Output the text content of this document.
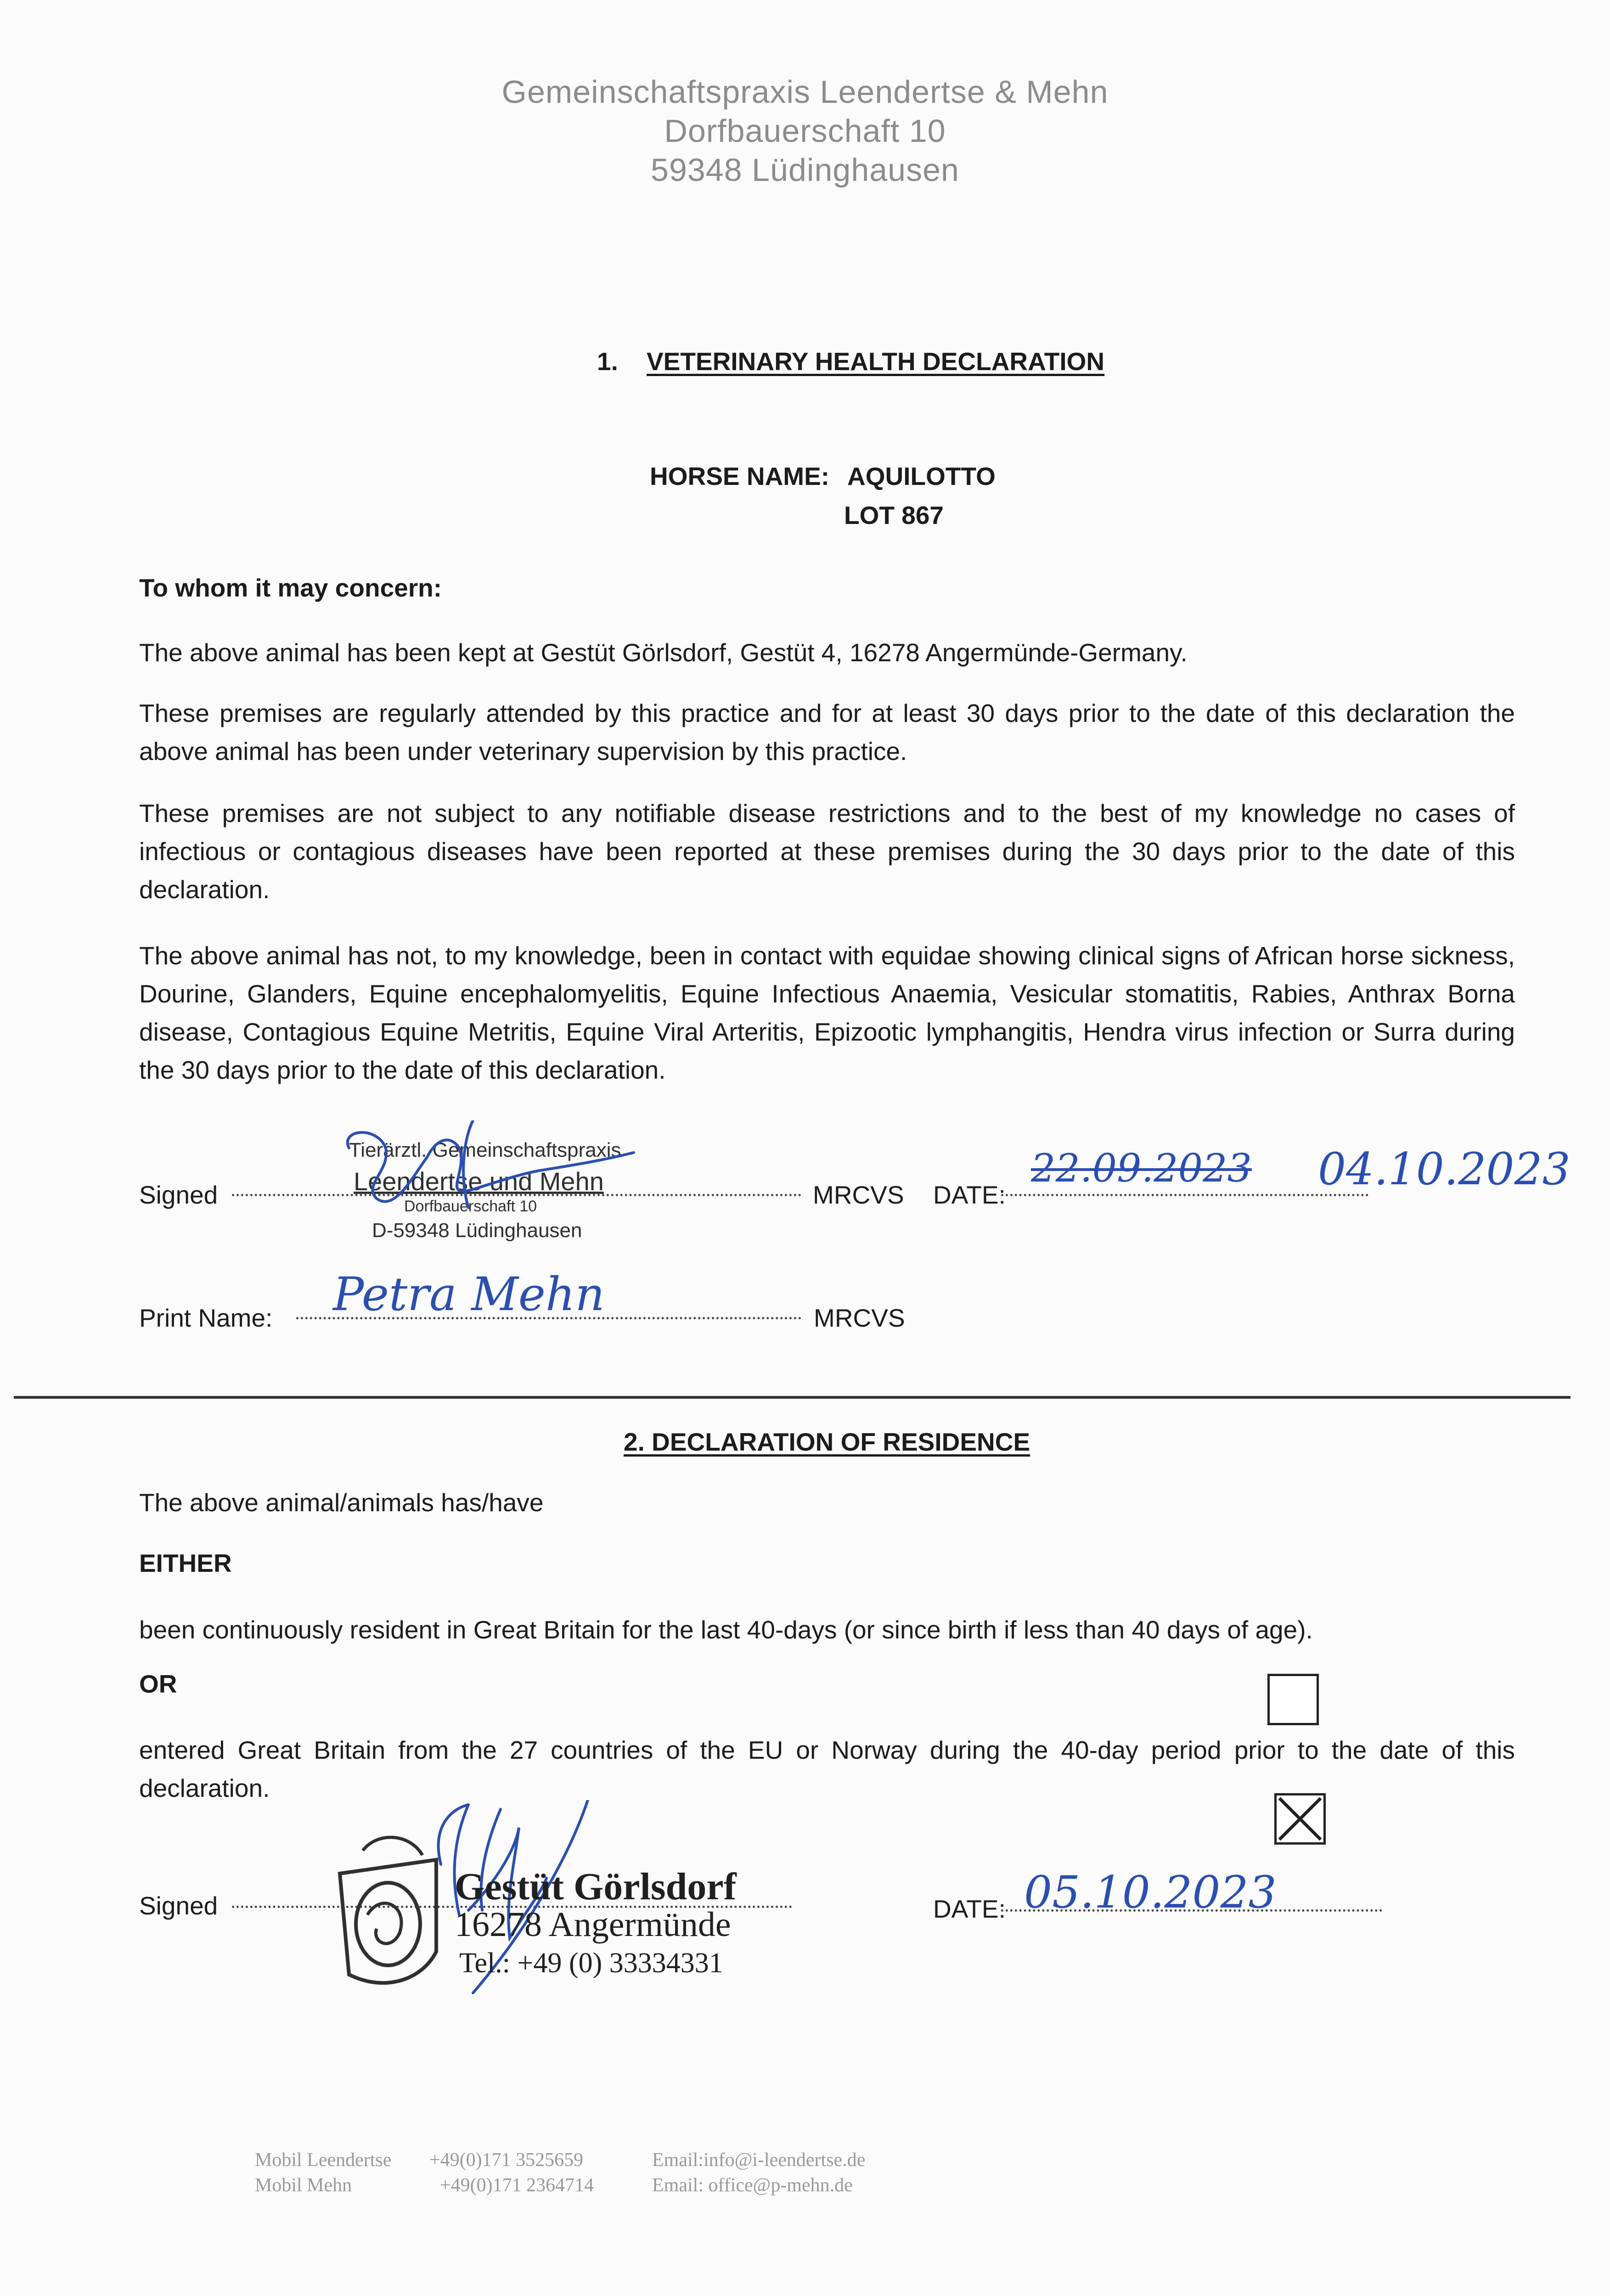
Gemeinschaftspraxis Leendertse & Mehn
Dorfbauerschaft 10
59348 Lüdinghausen
1. VETERINARY HEALTH DECLARATION
HORSE NAME: AQUILOTTO
LOT 867
To whom it may concern:
The above animal has been kept at Gestüt Görlsdorf, Gestüt 4, 16278 Angermünde-Germany.
These premises are regularly attended by this practice and for at least 30 days prior to the date of this declaration the above animal has been under veterinary supervision by this practice.
These premises are not subject to any notifiable disease restrictions and to the best of my knowledge no cases of infectious or contagious diseases have been reported at these premises during the 30 days prior to the date of this declaration.
The above animal has not, to my knowledge, been in contact with equidae showing clinical signs of African horse sickness, Dourine, Glanders, Equine encephalomyelitis, Equine Infectious Anaemia, Vesicular stomatitis, Rabies, Anthrax Borna disease, Contagious Equine Metritis, Equine Viral Arteritis, Epizootic lymphangitis, Hendra virus infection or Surra during the 30 days prior to the date of this declaration.
Signed
Tierärztl. Gemeinschaftspraxis
Leendertse und Mehn
Dorfbauerschaft 10
D-59348 Lüdinghausen
MRCVS DATE:
22.09.2023 04.10.2023
Print Name: Petra Mehn	MRCVS
2. DECLARATION OF RESIDENCE
The above animal/animals has/have
EITHER
been continuously resident in Great Britain for the last 40-days (or since birth if less than 40 days of age).
OR
entered Great Britain from the 27 countries of the EU or Norway during the 40-day period prior to the date of this declaration.
Signed	Gestüt Görlsdorf
16278 Angermünde
Tel.: +49 (0) 33334331
DATE: 05.10.2023
Mobil Leendertse +49(0)171 3525659	Email:info@i-leendertse.de
Mobil Mehn	+49(0)171 2364714	Email: office@p-mehn.de
